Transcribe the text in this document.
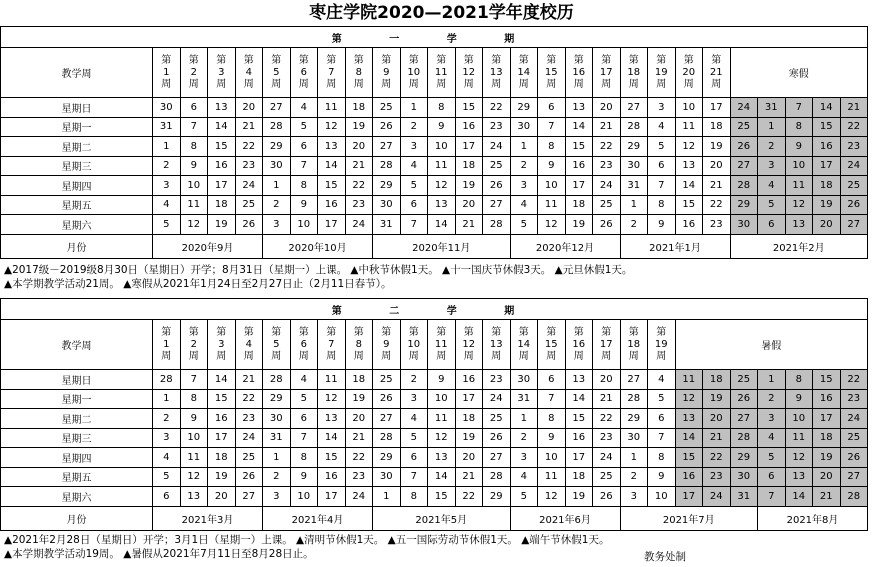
枣庄学院2020—2021学年度校历
第 一 学 期																										
教学周	第
1
周	第
2
周	第
3
周	第
4
周	第
5
周	第
6
周	第
7
周	第
8
周	第
9
周	第
10
周	第
11
周	第
12
周	第
13
周	第
14
周	第
15
周	第
16
周	第
17
周	第
18
周	第
19
周	第
20
周	第
21
周	寒假				
星期日	30	6	13	20	27	4	11	18	25	1	8	15	22	29	6	13	20	27	3	10	17	24	31	7	14	21
星期一	31	7	14	21	28	5	12	19	26	2	9	16	23	30	7	14	21	28	4	11	18	25	1	8	15	22
星期二	1	8	15	22	29	6	13	20	27	3	10	17	24	1	8	15	22	29	5	12	19	26	2	9	16	23
星期三	2	9	16	23	30	7	14	21	28	4	11	18	25	2	9	16	23	30	6	13	20	27	3	10	17	24
星期四	3	10	17	24	1	8	15	22	29	5	12	19	26	3	10	17	24	31	7	14	21	28	4	11	18	25
星期五	4	11	18	25	2	9	16	23	30	6	13	20	27	4	11	18	25	1	8	15	22	29	5	12	19	26
星期六	5	12	19	26	3	10	17	24	31	7	14	21	28	5	12	19	26	2	9	16	23	30	6	13	20	27
月份	2020年9月				2020年10月				2020年11月					2020年12月				2021年1月				2021年2月				
▲2017级－2019级8月30日（星期日）开学；8月31日（星期一）上课。 ▲中秋节休假1天。 ▲十一国庆节休假3天。 ▲元旦休假1天。
▲本学期教学活动21周。 ▲寒假从2021年1月24日至2月27日止（2月11日春节）。
第 二 学 期																										
教学周	第
1
周	第
2
周	第
3
周	第
4
周	第
5
周	第
6
周	第
7
周	第
8
周	第
9
周	第
10
周	第
11
周	第
12
周	第
13
周	第
14
周	第
15
周	第
16
周	第
17
周	第
18
周	第
19
周	暑假						
星期日	28	7	14	21	28	4	11	18	25	2	9	16	23	30	6	13	20	27	4	11	18	25	1	8	15	22
星期一	1	8	15	22	29	5	12	19	26	3	10	17	24	31	7	14	21	28	5	12	19	26	2	9	16	23
星期二	2	9	16	23	30	6	13	20	27	4	11	18	25	1	8	15	22	29	6	13	20	27	3	10	17	24
星期三	3	10	17	24	31	7	14	21	28	5	12	19	26	2	9	16	23	30	7	14	21	28	4	11	18	25
星期四	4	11	18	25	1	8	15	22	29	6	13	20	27	3	10	17	24	1	8	15	22	29	5	12	19	26
星期五	5	12	19	26	2	9	16	23	30	7	14	21	28	4	11	18	25	2	9	16	23	30	6	13	20	27
星期六	6	13	20	27	3	10	17	24	1	8	15	22	29	5	12	19	26	3	10	17	24	31	7	14	21	28
月份	2021年3月				2021年4月				2021年5月					2021年6月				2021年7月					2021年8月			
▲2021年2月28日（星期日）开学；3月1日（星期一）上课。 ▲清明节休假1天。 ▲五一国际劳动节休假1天。 ▲端午节休假1天。
▲本学期教学活动19周。 ▲暑假从2021年7月11日至8月28日止。	教务处制
